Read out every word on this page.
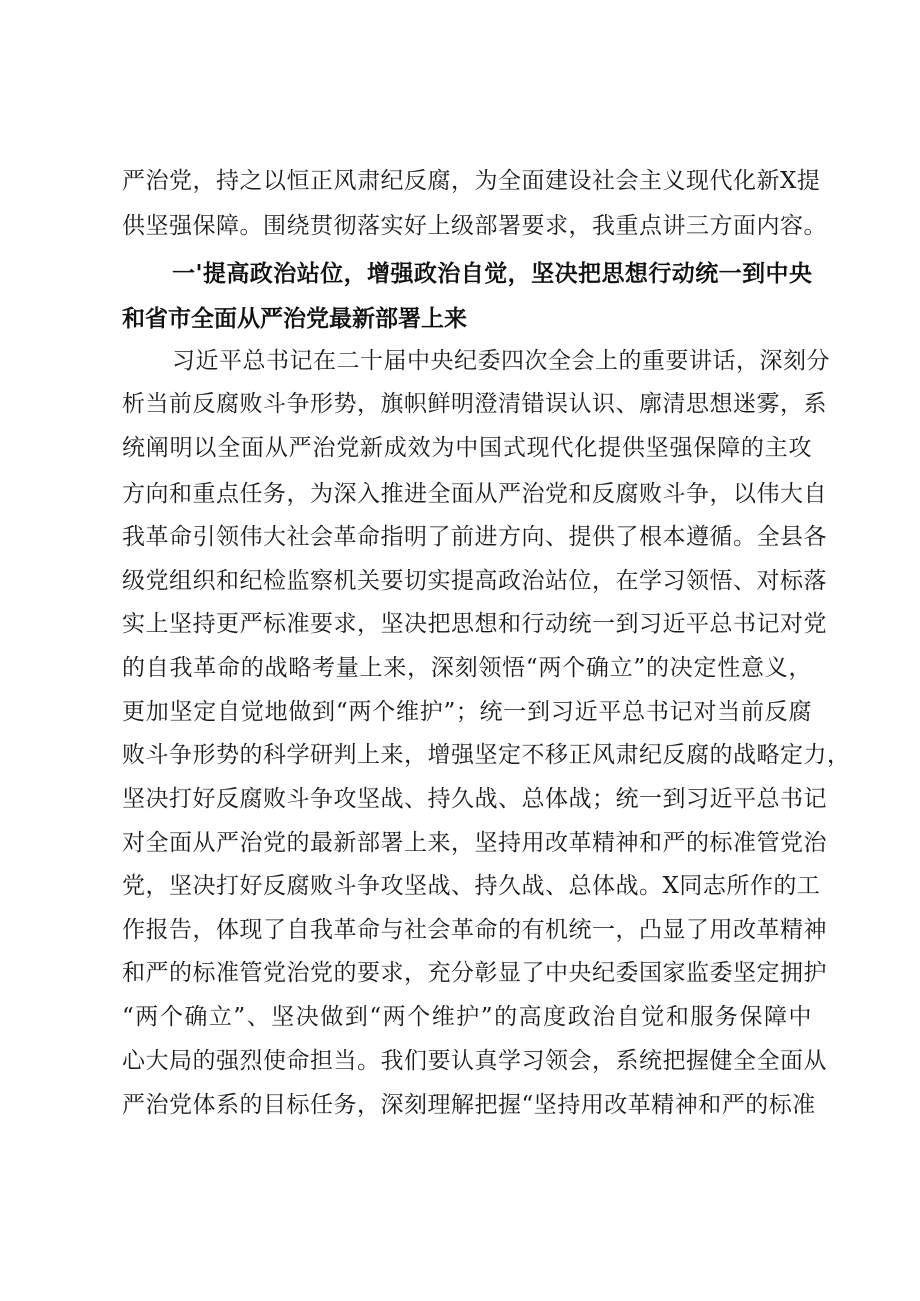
严治党，持之以恒正风肃纪反腐，为全面建设社会主义现代化新X提
供坚强保障。围绕贯彻落实好上级部署要求，我重点讲三方面内容。
一'提高政治站位，增强政治自觉，坚决把思想行动统一到中央
和省市全面从严治党最新部署上来
习近平总书记在二十届中央纪委四次全会上的重要讲话，深刻分
析当前反腐败斗争形势，旗帜鲜明澄清错误认识、廓清思想迷雾，系
统阐明以全面从严治党新成效为中国式现代化提供坚强保障的主攻
方向和重点任务，为深入推进全面从严治党和反腐败斗争，以伟大自
我革命引领伟大社会革命指明了前进方向、提供了根本遵循。全县各
级党组织和纪检监察机关要切实提高政治站位，在学习领悟、对标落
实上坚持更严标准要求，坚决把思想和行动统一到习近平总书记对党
的自我革命的战略考量上来，深刻领悟“两个确立”的决定性意义，
更加坚定自觉地做到“两个维护”；统一到习近平总书记对当前反腐
败斗争形势的科学研判上来，增强坚定不移正风肃纪反腐的战略定力，
坚决打好反腐败斗争攻坚战、持久战、总体战；统一到习近平总书记
对全面从严治党的最新部署上来，坚持用改革精神和严的标准管党治
党，坚决打好反腐败斗争攻坚战、持久战、总体战。X同志所作的工
作报告，体现了自我革命与社会革命的有机统一，凸显了用改革精神
和严的标准管党治党的要求，充分彰显了中央纪委国家监委坚定拥护
“两个确立”、坚决做到“两个维护”的高度政治自觉和服务保障中
心大局的强烈使命担当。我们要认真学习领会，系统把握健全全面从
严治党体系的目标任务，深刻理解把握“坚持用改革精神和严的标准
